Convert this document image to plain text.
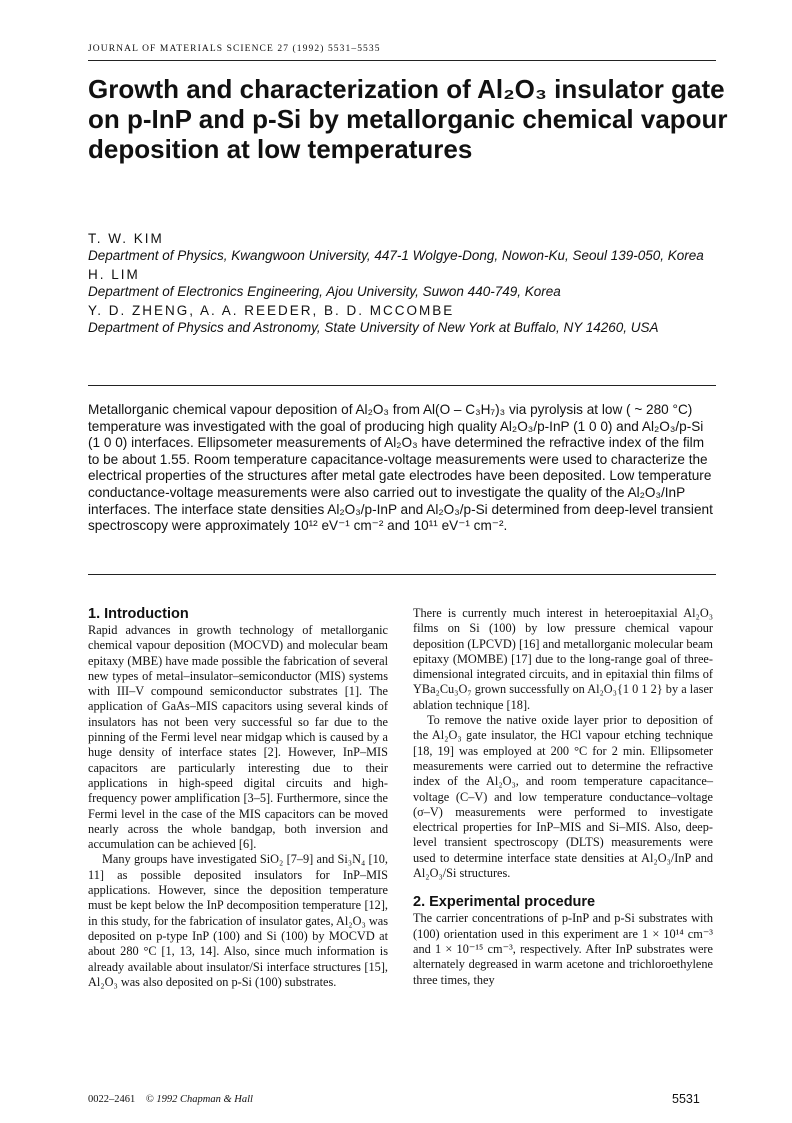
JOURNAL OF MATERIALS SCIENCE 27 (1992) 5531–5535
Growth and characterization of Al₂O₃ insulator gate on p-InP and p-Si by metallorganic chemical vapour deposition at low temperatures
T. W. KIM
Department of Physics, Kwangwoon University, 447-1 Wolgye-Dong, Nowon-Ku, Seoul 139-050, Korea
H. LIM
Department of Electronics Engineering, Ajou University, Suwon 440-749, Korea
Y. D. ZHENG, A. A. REEDER, B. D. MCCOMBE
Department of Physics and Astronomy, State University of New York at Buffalo, NY 14260, USA

Metallorganic chemical vapour deposition of Al₂O₃ from Al(O – C₃H₇)₃ via pyrolysis at low ( ~ 280 °C) temperature was investigated with the goal of producing high quality Al₂O₃/p-InP (1 0 0) and Al₂O₃/p-Si (1 0 0) interfaces. Ellipsometer measurements of Al₂O₃ have determined the refractive index of the film to be about 1.55. Room temperature capacitance-voltage measurements were used to characterize the electrical properties of the structures after metal gate electrodes have been deposited. Low temperature conductance-voltage measurements were also carried out to investigate the quality of the Al₂O₃/InP interfaces. The interface state densities Al₂O₃/p-InP and Al₂O₃/p-Si determined from deep-level transient spectroscopy were approximately 10¹² eV⁻¹ cm⁻² and 10¹¹ eV⁻¹ cm⁻².

1. Introduction

Rapid advances in growth technology of metallorganic chemical vapour deposition (MOCVD) and molecular beam epitaxy (MBE) have made possible the fabrication of several new types of metal–insulator–semiconductor (MIS) systems with III–V compound semiconductor substrates [1]. The application of GaAs–MIS capacitors using several kinds of insulators has not been very successful so far due to the pinning of the Fermi level near midgap which is caused by a huge density of interface states [2]. However, InP–MIS capacitors are particularly interesting due to their applications in high-speed digital circuits and high-frequency power amplification [3–5]. Furthermore, since the Fermi level in the case of the MIS capacitors can be moved nearly across the whole bandgap, both inversion and accumulation can be achieved [6].

Many groups have investigated SiO₂ [7–9] and Si₃N₄ [10, 11] as possible deposited insulators for InP–MIS applications. However, since the deposition temperature must be kept below the InP decomposition temperature [12], in this study, for the fabrication of insulator gates, Al₂O₃ was deposited on p-type InP (100) and Si (100) by MOCVD at about 280 °C [1, 13, 14]. Also, since much information is already available about insulator/Si interface structures [15], Al₂O₃ was also deposited on p-Si (100) substrates.

There is currently much interest in heteroepitaxial Al₂O₃ films on Si (100) by low pressure chemical vapour deposition (LPCVD) [16] and metallorganic molecular beam epitaxy (MOMBE) [17] due to the long-range goal of three-dimensional integrated circuits, and in epitaxial thin films of YBa₂Cu₃O₇ grown successfully on Al₂O₃{1 0 1 2} by a laser ablation technique [18].

To remove the native oxide layer prior to deposition of the Al₂O₃ gate insulator, the HCl vapour etching technique [18, 19] was employed at 200 °C for 2 min. Ellipsometer measurements were carried out to determine the refractive index of the Al₂O₃, and room temperature capacitance–voltage (C–V) and low temperature conductance–voltage (σ–V) measurements were performed to investigate electrical properties for InP–MIS and Si–MIS. Also, deep-level transient spectroscopy (DLTS) measurements were used to determine interface state densities at Al₂O₃/InP and Al₂O₃/Si structures.

2. Experimental procedure

The carrier concentrations of p-InP and p-Si substrates with (100) orientation used in this experiment are 1 × 10¹⁴ cm⁻³ and 1 × 10⁻¹⁵ cm⁻³, respectively. After InP substrates were alternately degreased in warm acetone and trichloroethylene three times, they

0022–2461 © 1992 Chapman & Hall	5531
